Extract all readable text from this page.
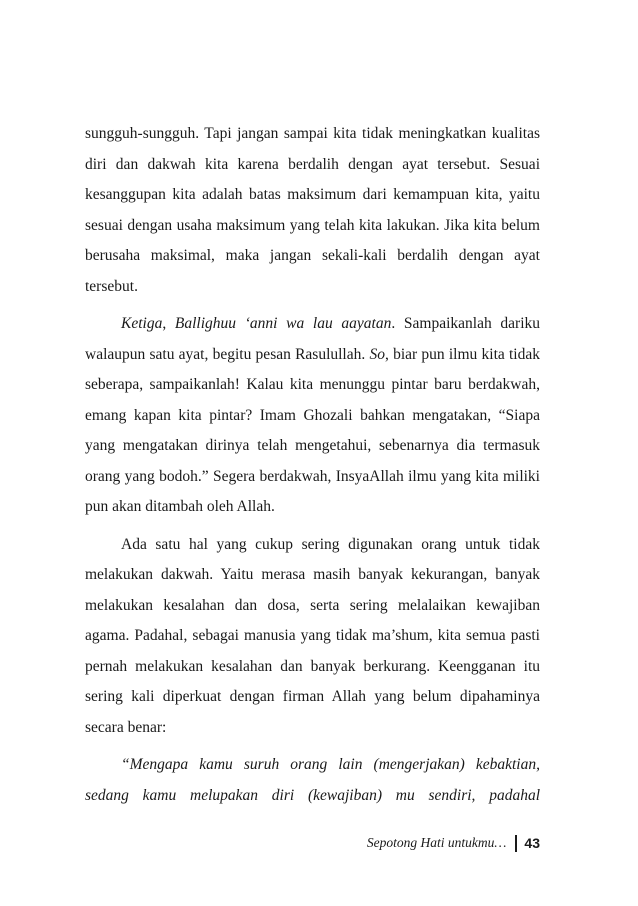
sungguh-sungguh. Tapi jangan sampai kita tidak meningkatkan kualitas diri dan dakwah kita karena berdalih dengan ayat tersebut. Sesuai kesanggupan kita adalah batas maksimum dari kemampuan kita, yaitu sesuai dengan usaha maksimum yang telah kita lakukan. Jika kita belum berusaha maksimal, maka jangan sekali-kali berdalih dengan ayat tersebut.

Ketiga, Ballighuu ‘anni wa lau aayatan. Sampaikanlah dariku walaupun satu ayat, begitu pesan Rasulullah. So, biar pun ilmu kita tidak seberapa, sampaikanlah! Kalau kita menunggu pintar baru berdakwah, emang kapan kita pintar? Imam Ghozali bahkan mengatakan, “Siapa yang mengatakan dirinya telah mengetahui, sebenarnya dia termasuk orang yang bodoh.” Segera berdakwah, InsyaAllah ilmu yang kita miliki pun akan ditambah oleh Allah.

Ada satu hal yang cukup sering digunakan orang untuk tidak melakukan dakwah. Yaitu merasa masih banyak kekurangan, banyak melakukan kesalahan dan dosa, serta sering melalaikan kewajiban agama. Padahal, sebagai manusia yang tidak ma’shum, kita semua pasti pernah melakukan kesalahan dan banyak berkurang. Keengganan itu sering kali diperkuat dengan firman Allah yang belum dipahaminya secara benar:

“Mengapa kamu suruh orang lain (mengerjakan) kebaktian, sedang kamu melupakan diri (kewajiban) mu sendiri, padahal

Sepotong Hati untukmu… 43
